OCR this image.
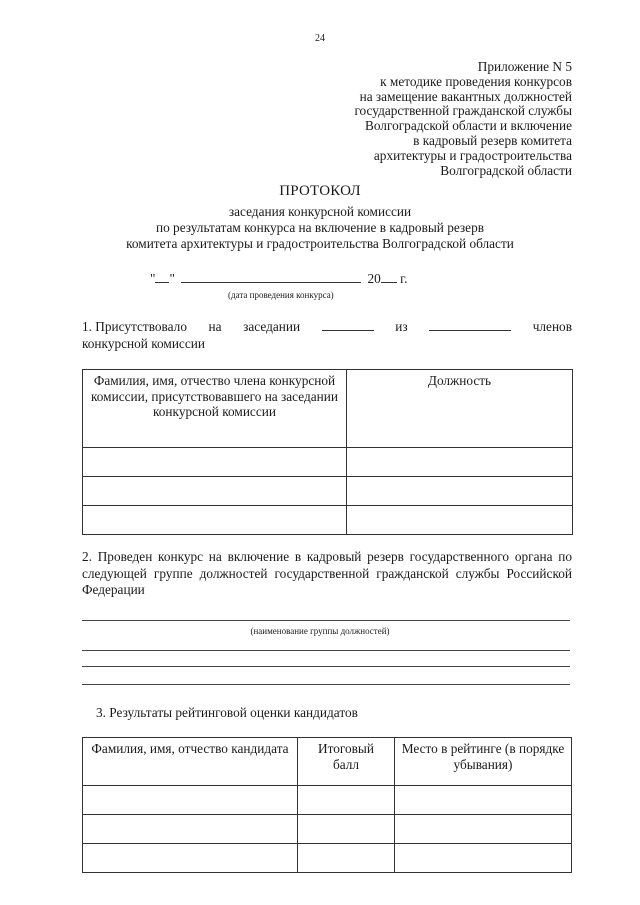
24
Приложение N 5
к методике проведения конкурсов
на замещение вакантных должностей
государственной гражданской службы
Волгоградской области и включение
в кадровый резерв комитета
архитектуры и градостроительства
Волгоградской области
ПРОТОКОЛ
заседания конкурсной комиссии
по результатам конкурса на включение в кадровый резерв
комитета архитектуры и градостроительства Волгоградской области
" "	20 г.
(дата проведения конкурса)
1. Присутствовало на заседании	из	членов
конкурсной комиссии
Фамилия, имя, отчество члена конкурсной комиссии, присутствовавшего на заседании конкурсной комиссии	Должность

2. Проведен конкурс на включение в кадровый резерв государственного органа по следующей группе должностей государственной гражданской службы Российской Федерации
(наименование группы должностей)
3. Результаты рейтинговой оценки кандидатов
Фамилия, имя, отчество кандидата	Итоговый балл	Место в рейтинге (в порядке убывания)
